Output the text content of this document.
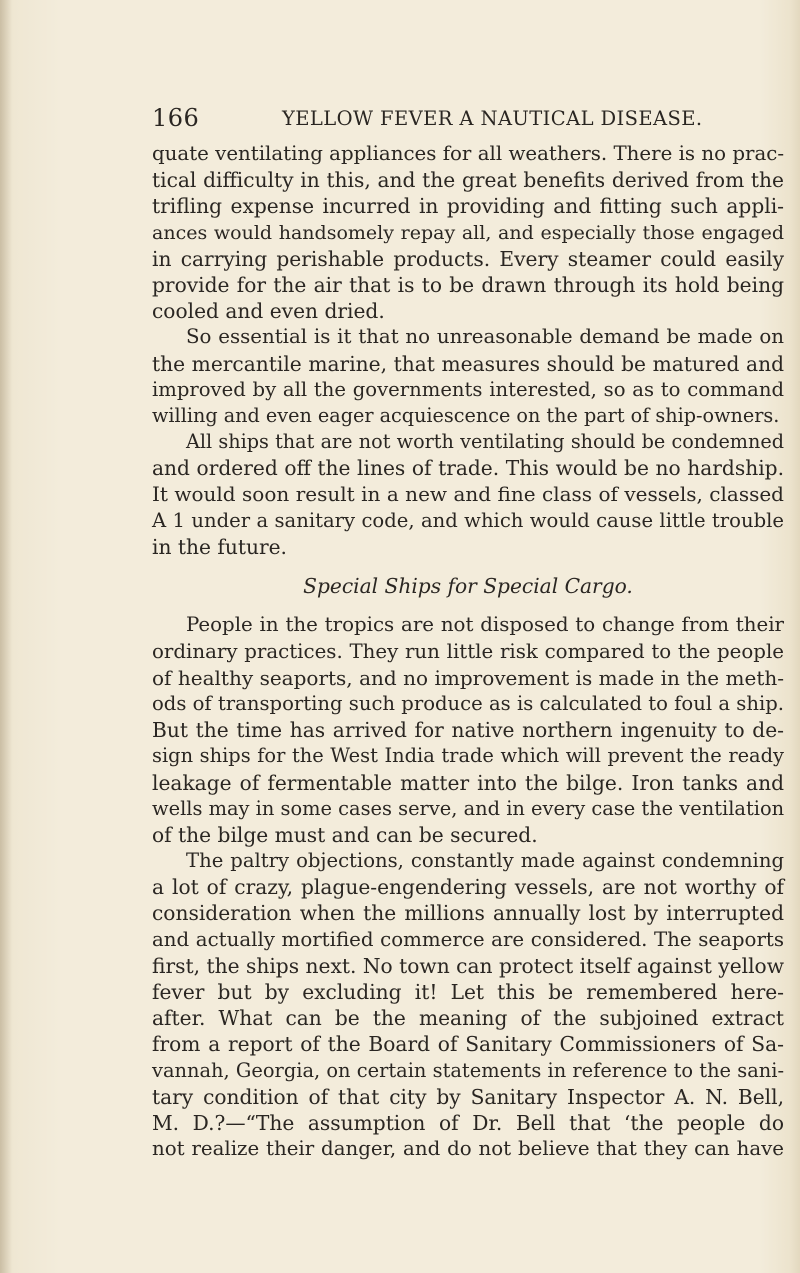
166	YELLOW FEVER A NAUTICAL DISEASE.
quate ventilating appliances for all weathers. There is no prac-
tical difficulty in this, and the great benefits derived from the
trifling expense incurred in providing and fitting such appli-
ances would handsomely repay all, and especially those engaged
in carrying perishable products. Every steamer could easily
provide for the air that is to be drawn through its hold being
cooled and even dried.
So essential is it that no unreasonable demand be made on
the mercantile marine, that measures should be matured and
improved by all the governments interested, so as to command
willing and even eager acquiescence on the part of ship-owners.
All ships that are not worth ventilating should be condemned
and ordered off the lines of trade. This would be no hardship.
It would soon result in a new and fine class of vessels, classed
A 1 under a sanitary code, and which would cause little trouble
in the future.
Special Ships for Special Cargo.
People in the tropics are not disposed to change from their
ordinary practices. They run little risk compared to the people
of healthy seaports, and no improvement is made in the meth-
ods of transporting such produce as is calculated to foul a ship.
But the time has arrived for native northern ingenuity to de-
sign ships for the West India trade which will prevent the ready
leakage of fermentable matter into the bilge. Iron tanks and
wells may in some cases serve, and in every case the ventilation
of the bilge must and can be secured.
The paltry objections, constantly made against condemning
a lot of crazy, plague-engendering vessels, are not worthy of
consideration when the millions annually lost by interrupted
and actually mortified commerce are considered. The seaports
first, the ships next. No town can protect itself against yellow
fever but by excluding it! Let this be remembered here-
after. What can be the meaning of the subjoined extract
from a report of the Board of Sanitary Commissioners of Sa-
vannah, Georgia, on certain statements in reference to the sani-
tary condition of that city by Sanitary Inspector A. N. Bell,
M. D.?—“The assumption of Dr. Bell that ‘the people do
not realize their danger, and do not believe that they can have
